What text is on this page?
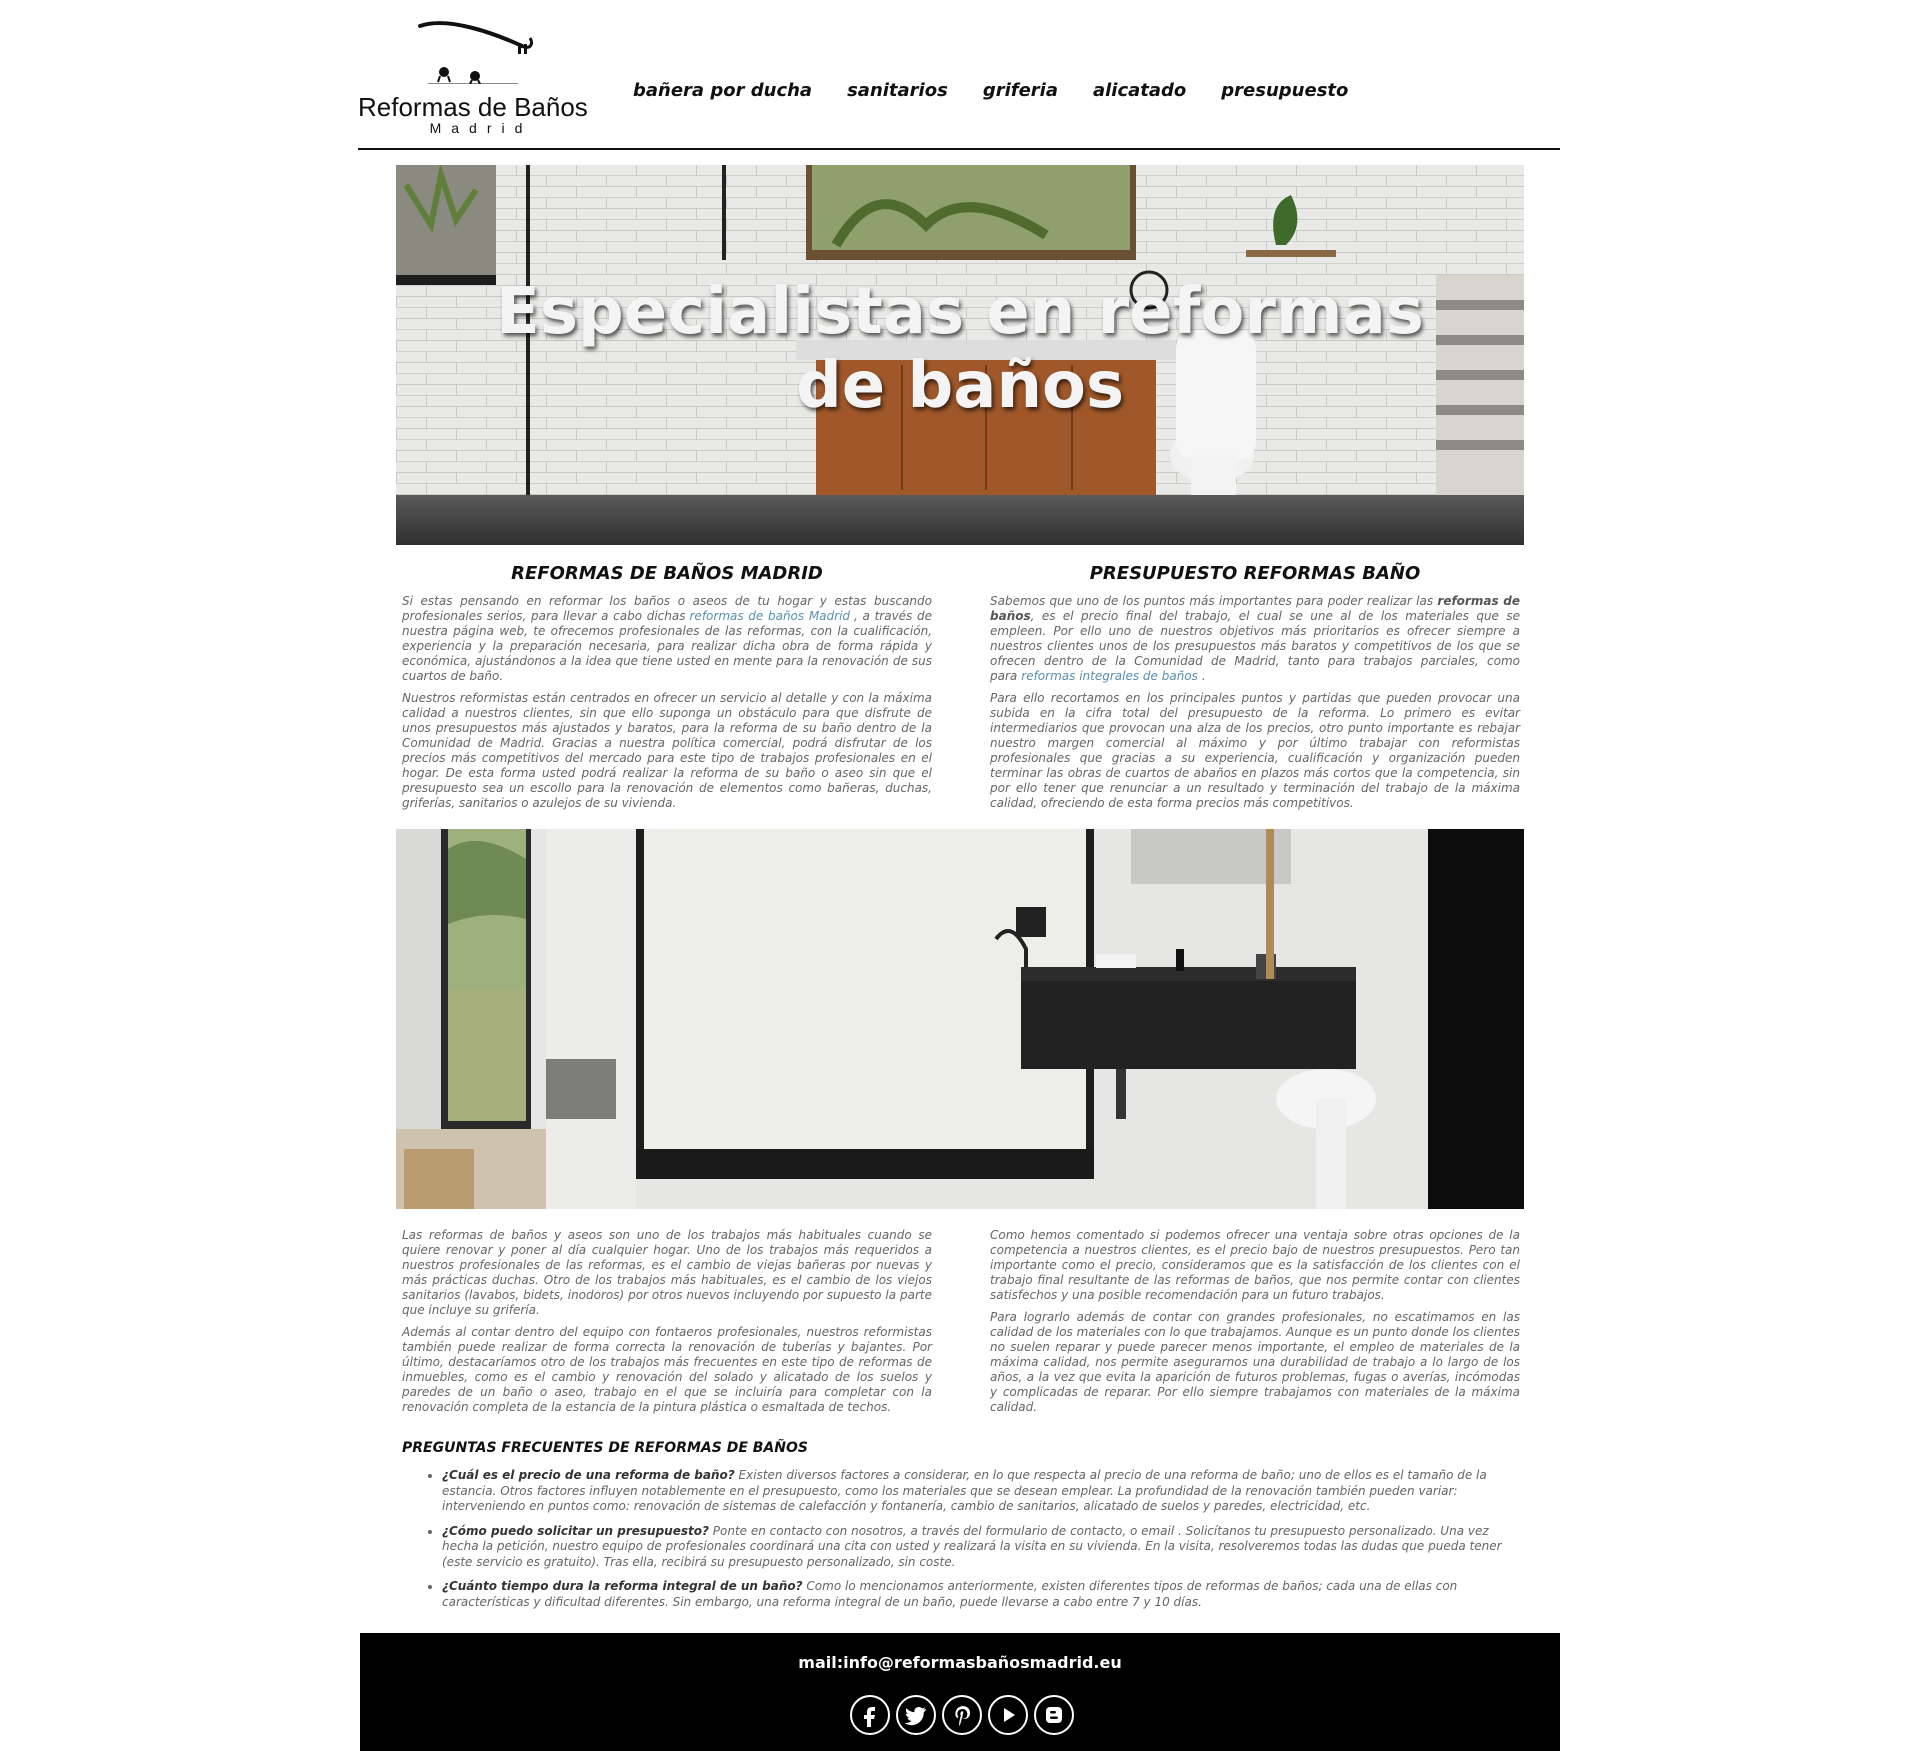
Reformas de Baños
Madrid
bañera por ducha sanitarios griferia alicatado presupuesto
Especialistas en reformas
de baños
REFORMAS DE BAÑOS MADRID

Si estas pensando en reformar los baños o aseos de tu hogar y estas buscando profesionales serios, para llevar a cabo dichas reformas de baños Madrid , a través de nuestra página web, te ofrecemos profesionales de las reformas, con la cualificación, experiencia y la preparación necesaria, para realizar dicha obra de forma rápida y económica, ajustándonos a la idea que tiene usted en mente para la renovación de sus cuartos de baño.

Nuestros reformistas están centrados en ofrecer un servicio al detalle y con la máxima calidad a nuestros clientes, sin que ello suponga un obstáculo para que disfrute de unos presupuestos más ajustados y baratos, para la reforma de su baño dentro de la Comunidad de Madrid. Gracias a nuestra política comercial, podrá disfrutar de los precios más competitivos del mercado para este tipo de trabajos profesionales en el hogar. De esta forma usted podrá realizar la reforma de su baño o aseo sin que el presupuesto sea un escollo para la renovación de elementos como bañeras, duchas, griferías, sanitarios o azulejos de su vivienda.

PRESUPUESTO REFORMAS BAÑO

Sabemos que uno de los puntos más importantes para poder realizar las reformas de baños, es el precio final del trabajo, el cual se une al de los materiales que se empleen. Por ello uno de nuestros objetivos más prioritarios es ofrecer siempre a nuestros clientes unos de los presupuestos más baratos y competitivos de los que se ofrecen dentro de la Comunidad de Madrid, tanto para trabajos parciales, como para reformas integrales de baños .

Para ello recortamos en los principales puntos y partidas que pueden provocar una subida en la cifra total del presupuesto de la reforma. Lo primero es evitar intermediarios que provocan una alza de los precios, otro punto importante es rebajar nuestro margen comercial al máximo y por último trabajar con reformistas profesionales que gracias a su experiencia, cualificación y organización pueden terminar las obras de cuartos de abaños en plazos más cortos que la competencia, sin por ello tener que renunciar a un resultado y terminación del trabajo de la máxima calidad, ofreciendo de esta forma precios más competitivos.

Las reformas de baños y aseos son uno de los trabajos más habituales cuando se quiere renovar y poner al día cualquier hogar. Uno de los trabajos más requeridos a nuestros profesionales de las reformas, es el cambio de viejas bañeras por nuevas y más prácticas duchas. Otro de los trabajos más habituales, es el cambio de los viejos sanitarios (lavabos, bidets, inodoros) por otros nuevos incluyendo por supuesto la parte que incluye su grifería.

Además al contar dentro del equipo con fontaeros profesionales, nuestros reformistas también puede realizar de forma correcta la renovación de tuberías y bajantes. Por último, destacaríamos otro de los trabajos más frecuentes en este tipo de reformas de inmuebles, como es el cambio y renovación del solado y alicatado de los suelos y paredes de un baño o aseo, trabajo en el que se incluiría para completar con la renovación completa de la estancia de la pintura plástica o esmaltada de techos.

Como hemos comentado si podemos ofrecer una ventaja sobre otras opciones de la competencia a nuestros clientes, es el precio bajo de nuestros presupuestos. Pero tan importante como el precio, consideramos que es la satisfacción de los clientes con el trabajo final resultante de las reformas de baños, que nos permite contar con clientes satisfechos y una posible recomendación para un futuro trabajos.

Para lograrlo además de contar con grandes profesionales, no escatimamos en las calidad de los materiales con lo que trabajamos. Aunque es un punto donde los clientes no suelen reparar y puede parecer menos importante, el empleo de materiales de la máxima calidad, nos permite asegurarnos una durabilidad de trabajo a lo largo de los años, a la vez que evita la aparición de futuros problemas, fugas o averías, incómodas y complicadas de reparar. Por ello siempre trabajamos con materiales de la máxima calidad.

PREGUNTAS FRECUENTES DE REFORMAS DE BAÑOS
• ¿Cuál es el precio de una reforma de baño? Existen diversos factores a considerar, en lo que respecta al precio de una reforma de baño; uno de ellos es el tamaño de la estancia. Otros factores influyen notablemente en el presupuesto, como los materiales que se desean emplear. La profundidad de la renovación también pueden variar: interveniendo en puntos como: renovación de sistemas de calefacción y fontanería, cambio de sanitarios, alicatado de suelos y paredes, electricidad, etc.
• ¿Cómo puedo solicitar un presupuesto? Ponte en contacto con nosotros, a través del formulario de contacto, o email . Solicítanos tu presupuesto personalizado. Una vez hecha la petición, nuestro equipo de profesionales coordinará una cita con usted y realizará la visita en su vivienda. En la visita, resolveremos todas las dudas que pueda tener (este servicio es gratuito). Tras ella, recibirá su presupuesto personalizado, sin coste.
• ¿Cuánto tiempo dura la reforma integral de un baño? Como lo mencionamos anteriormente, existen diferentes tipos de reformas de baños; cada una de ellas con características y dificultad diferentes. Sin embargo, una reforma integral de un baño, puede llevarse a cabo entre 7 y 10 días.
mail:info@reformasbañosmadrid.eu
